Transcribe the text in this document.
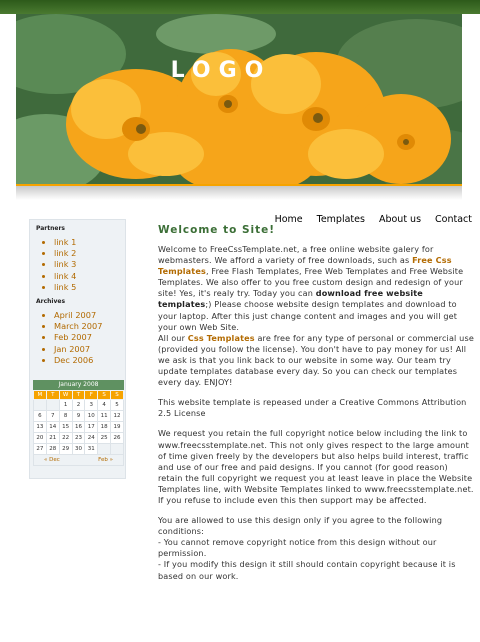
LOGO
Home Templates About us Contact
Partners
• link 1
• link 2
• link 3
• link 4
• link 5
Archives
• April 2007
• March 2007
• Feb 2007
• Jan 2007
• Dec 2006
January 2008
M	T	W	T	F	S	S
		1	2	3	4	5
6	7	8	9	10	11	12
13	14	15	16	17	18	19
20	21	22	23	24	25	26
27	28	29	30	31		
« Dec	Feb »
Welcome to Site!

Welcome to FreeCssTemplate.net, a free online website galery for webmasters. We afford a variety of free downloads, such as Free Css Templates, Free Flash Templates, Free Web Templates and Free Website Templates. We also offer to you free custom design and redesign of your site! Yes, it's realy try. Today you can download free website templates;) Please choose website design templates and download to your laptop. After this just change content and images and you will get your own Web Site.

All our Css Templates are free for any type of personal or commercial use (provided you follow the license). You don't have to pay money for us! All we ask is that you link back to our website in some way. Our team try update templates database every day. So you can check our templates every day. ENJOY!

This website template is repeased under a Creative Commons Attribution 2.5 License

We request you retain the full copyright notice below including the link to www.freecsstemplate.net. This not only gives respect to the large amount of time given freely by the developers but also helps build interest, traffic and use of our free and paid designs. If you cannot (for good reason) retain the full copyright we request you at least leave in place the Website Templates line, with Website Templates linked to www.freecsstemplate.net. If you refuse to include even this then support may be affected.

You are allowed to use this design only if you agree to the following conditions:

- You cannot remove copyright notice from this design without our permission.

- If you modify this design it still should contain copyright because it is based on our work.
